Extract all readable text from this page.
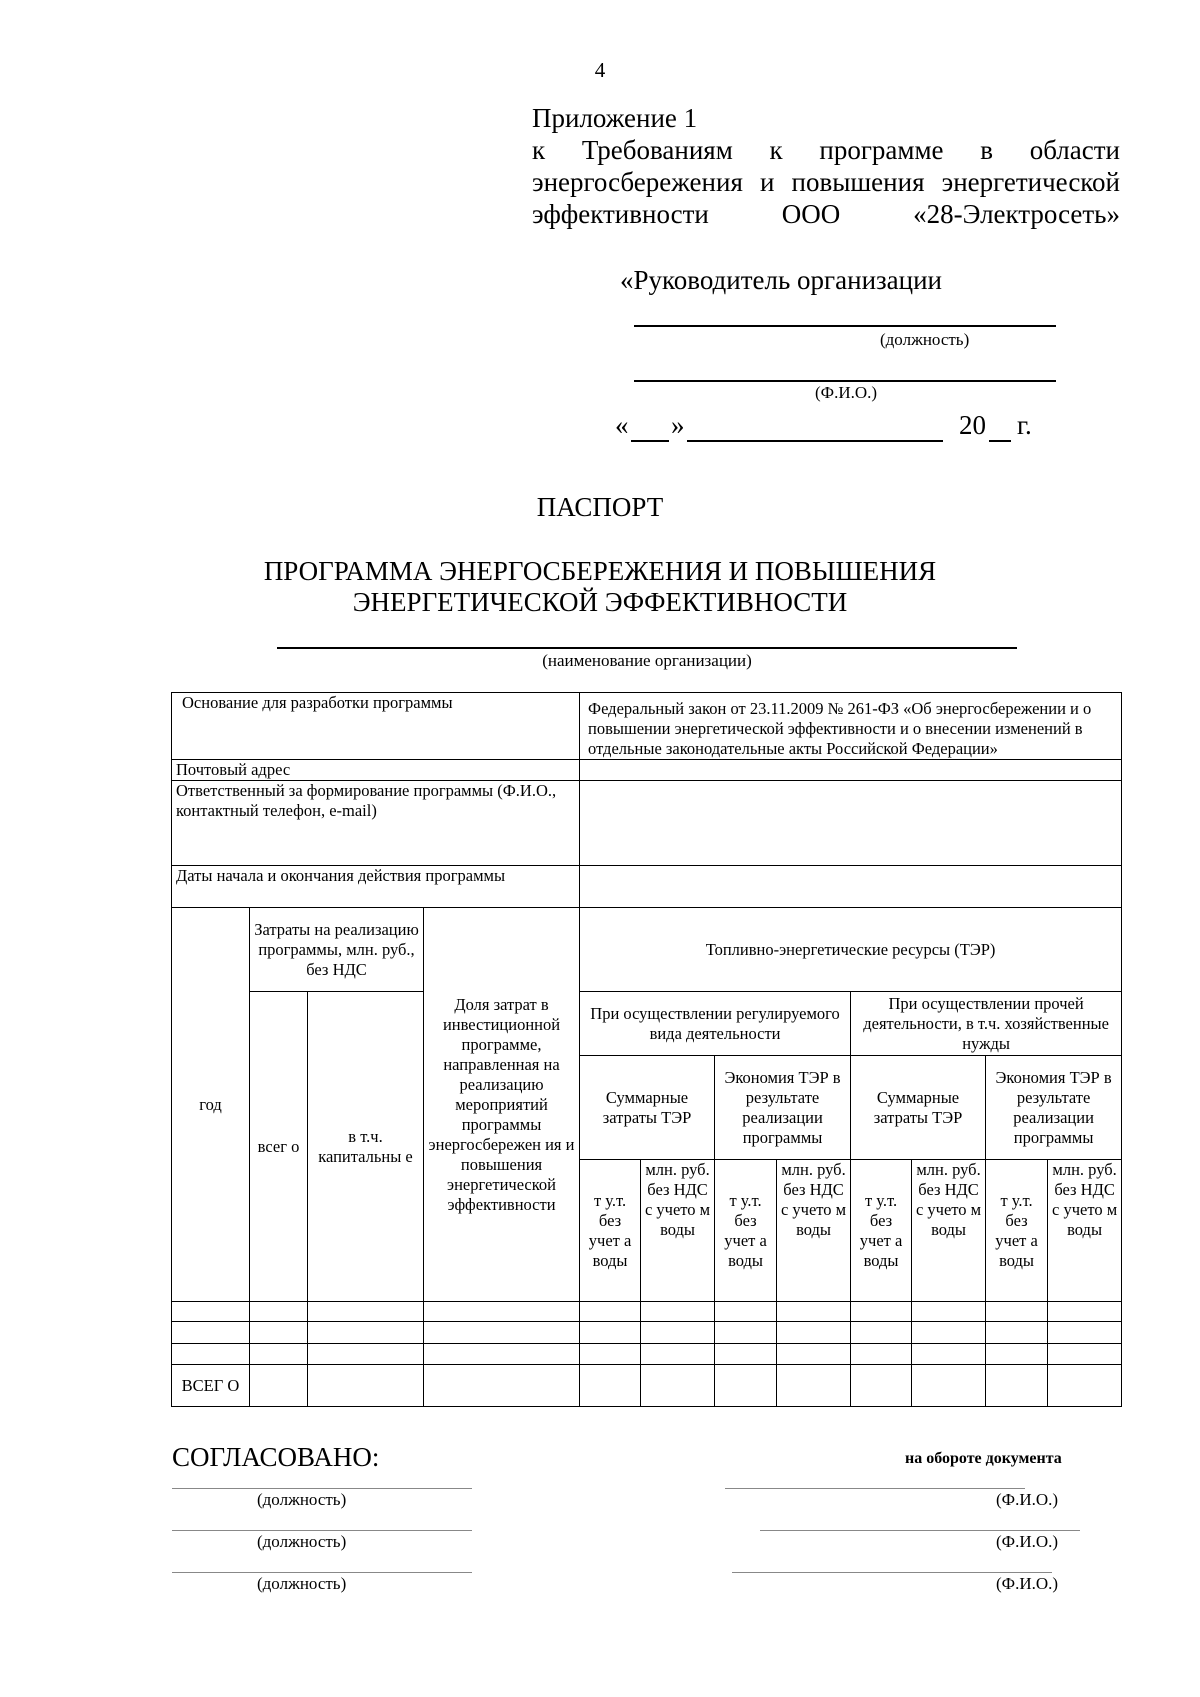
4
Приложение 1
к Требованиям к программе в области
энергосбережения и повышения энергетической
эффективности ООО «28-Электросеть»
«Руководитель организации
(должность)
(Ф.И.О.)
« »	20 г.
ПАСПОРТ
ПРОГРАММА ЭНЕРГОСБЕРЕЖЕНИЯ И ПОВЫШЕНИЯ
ЭНЕРГЕТИЧЕСКОЙ ЭФФЕКТИВНОСТИ
(наименование организации)
Основание для разработки программы				Федеральный закон от 23.11.2009 № 261-ФЗ «Об энергосбережении и о повышении энергетической эффективности и о внесении изменений в отдельные законодательные акты Российской Федерации»							
Почтовый адрес											
Ответственный за формирование программы (Ф.И.О., контактный телефон, e-mail)											
Даты начала и окончания действия программы											
год	Затраты на реализацию программы, млн. руб., без НДС		Доля затрат в инвестиционной программе, направленная на реализацию мероприятий программы энергосбережен ия и повышения энергетической эффективности	Топливно-энергетические ресурсы (ТЭР)							
	всег о	в т.ч. капитальны е		При осуществлении регулируемого вида деятельности				При осуществлении прочей деятельности, в т.ч. хозяйственные нужды			
				Суммарные затраты ТЭР		Экономия ТЭР в результате реализации программы		Суммарные затраты ТЭР		Экономия ТЭР в результате реализации программы	
				т у.т. без учет а воды	млн. руб. без НДС с учето м воды	т у.т. без учет а воды	млн. руб. без НДС с учето м воды	т у.т. без учет а воды	млн. руб. без НДС с учето м воды	т у.т. без учет а воды	млн. руб. без НДС с учето м воды

ВСЕГ О											
СОГЛАСОВАНО:	на обороте документа
(должность)	(Ф.И.О.)
(должность)	(Ф.И.О.)
(должность)	(Ф.И.О.)
